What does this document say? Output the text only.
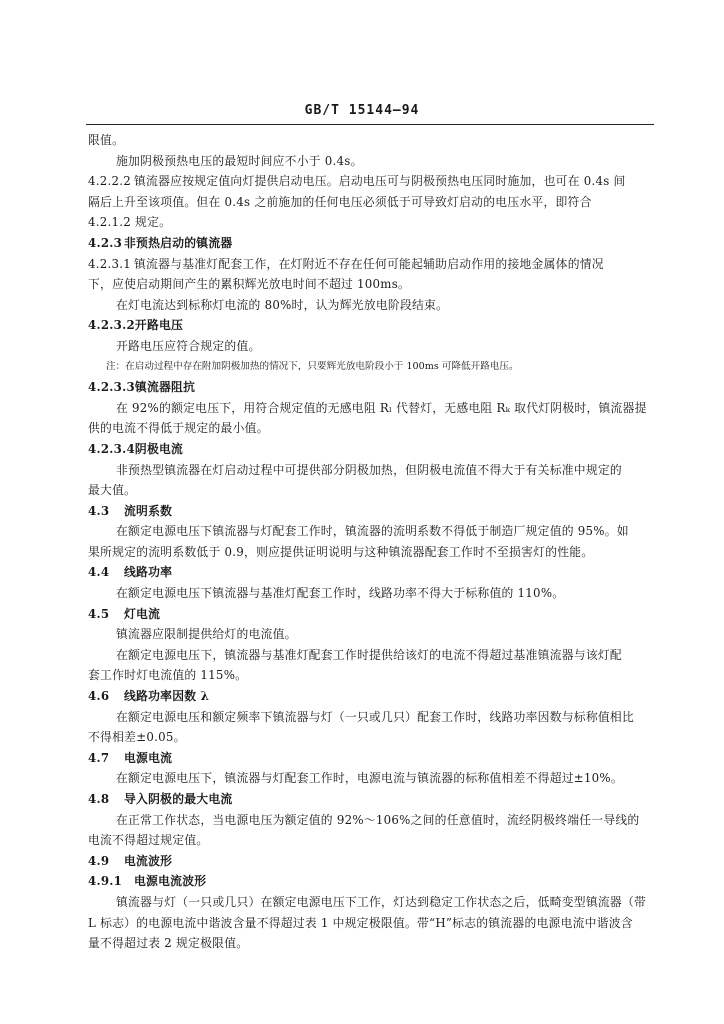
GB/T 15144—94
限值。
施加阴极预热电压的最短时间应不小于 0.4s。
4.2.2.2 镇流器应按规定值向灯提供启动电压。启动电压可与阴极预热电压同时施加，也可在 0.4s 间
隔后上升至该项值。但在 0.4s 之前施加的任何电压必须低于可导致灯启动的电压水平，即符合
4.2.1.2 规定。
4.2.3 非预热启动的镇流器
4.2.3.1 镇流器与基准灯配套工作，在灯附近不存在任何可能起辅助启动作用的接地金属体的情况
下，应使启动期间产生的累积辉光放电时间不超过 100ms。
在灯电流达到标称灯电流的 80%时，认为辉光放电阶段结束。
4.2.3.2开路电压
开路电压应符合规定的值。
注：在启动过程中存在附加阴极加热的情况下，只要辉光放电阶段小于 100ms 可降低开路电压。
4.2.3.3镇流器阻抗
在 92%的额定电压下，用符合规定值的无感电阻 Rₗ 代替灯，无感电阻 Rₖ 取代灯阴极时，镇流器提
供的电流不得低于规定的最小值。
4.2.3.4阴极电流
非预热型镇流器在灯启动过程中可提供部分阴极加热，但阴极电流值不得大于有关标准中规定的
最大值。
4.3 流明系数
在额定电源电压下镇流器与灯配套工作时，镇流器的流明系数不得低于制造厂规定值的 95%。如
果所规定的流明系数低于 0.9，则应提供证明说明与这种镇流器配套工作时不至损害灯的性能。
4.4 线路功率
在额定电源电压下镇流器与基准灯配套工作时，线路功率不得大于标称值的 110%。
4.5 灯电流
镇流器应限制提供给灯的电流值。
在额定电源电压下，镇流器与基准灯配套工作时提供给该灯的电流不得超过基准镇流器与该灯配
套工作时灯电流值的 115%。
4.6 线路功率因数 λ
在额定电源电压和额定频率下镇流器与灯（一只或几只）配套工作时，线路功率因数与标称值相比
不得相差±0.05。
4.7 电源电流
在额定电源电压下，镇流器与灯配套工作时，电源电流与镇流器的标称值相差不得超过±10%。
4.8 导入阴极的最大电流
在正常工作状态，当电源电压为额定值的 92%～106%之间的任意值时，流经阴极终端任一导线的
电流不得超过规定值。
4.9 电流波形
4.9.1 电源电流波形
镇流器与灯（一只或几只）在额定电源电压下工作，灯达到稳定工作状态之后，低畸变型镇流器（带
L 标志）的电源电流中谐波含量不得超过表 1 中规定极限值。带“H”标志的镇流器的电源电流中谐波含
量不得超过表 2 规定极限值。
